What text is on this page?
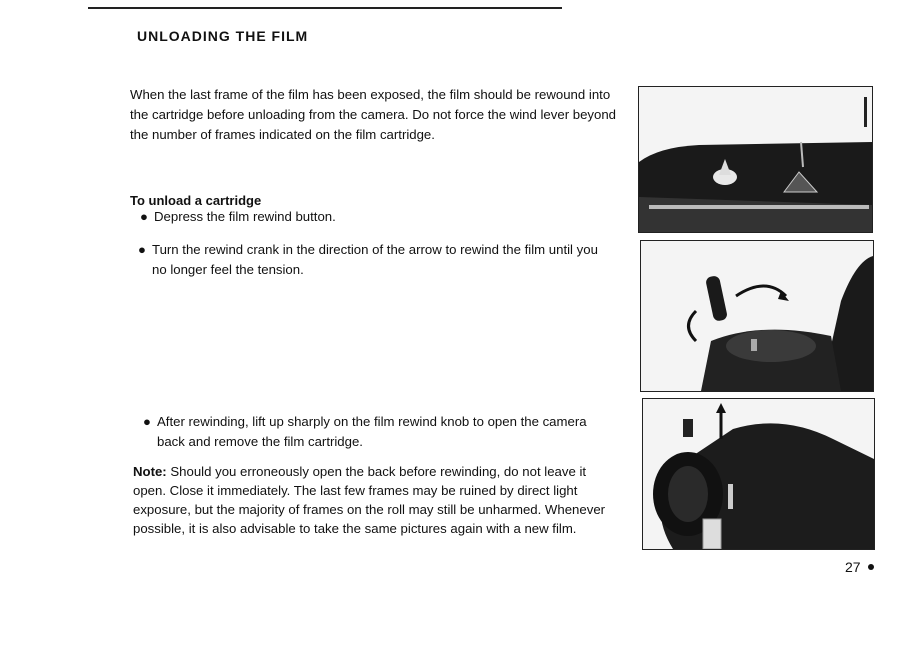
UNLOADING THE FILM

When the last frame of the film has been exposed, the film should be rewound into the cartridge before unloading from the camera. Do not force the wind lever beyond the number of frames indicated on the film cartridge.

To unload a cartridge
● Depress the film rewind button.
● Turn the rewind crank in the direction of the arrow to rewind the film until you no longer feel the tension.
● After rewinding, lift up sharply on the film rewind knob to open the camera back and remove the film cartridge.

Note: Should you erroneously open the back before rewinding, do not leave it open. Close it immediately. The last few frames may be ruined by direct light exposure, but the majority of frames on the roll may still be unharmed. Whenever possible, it is also advisable to take the same pictures again with a new film.

27
